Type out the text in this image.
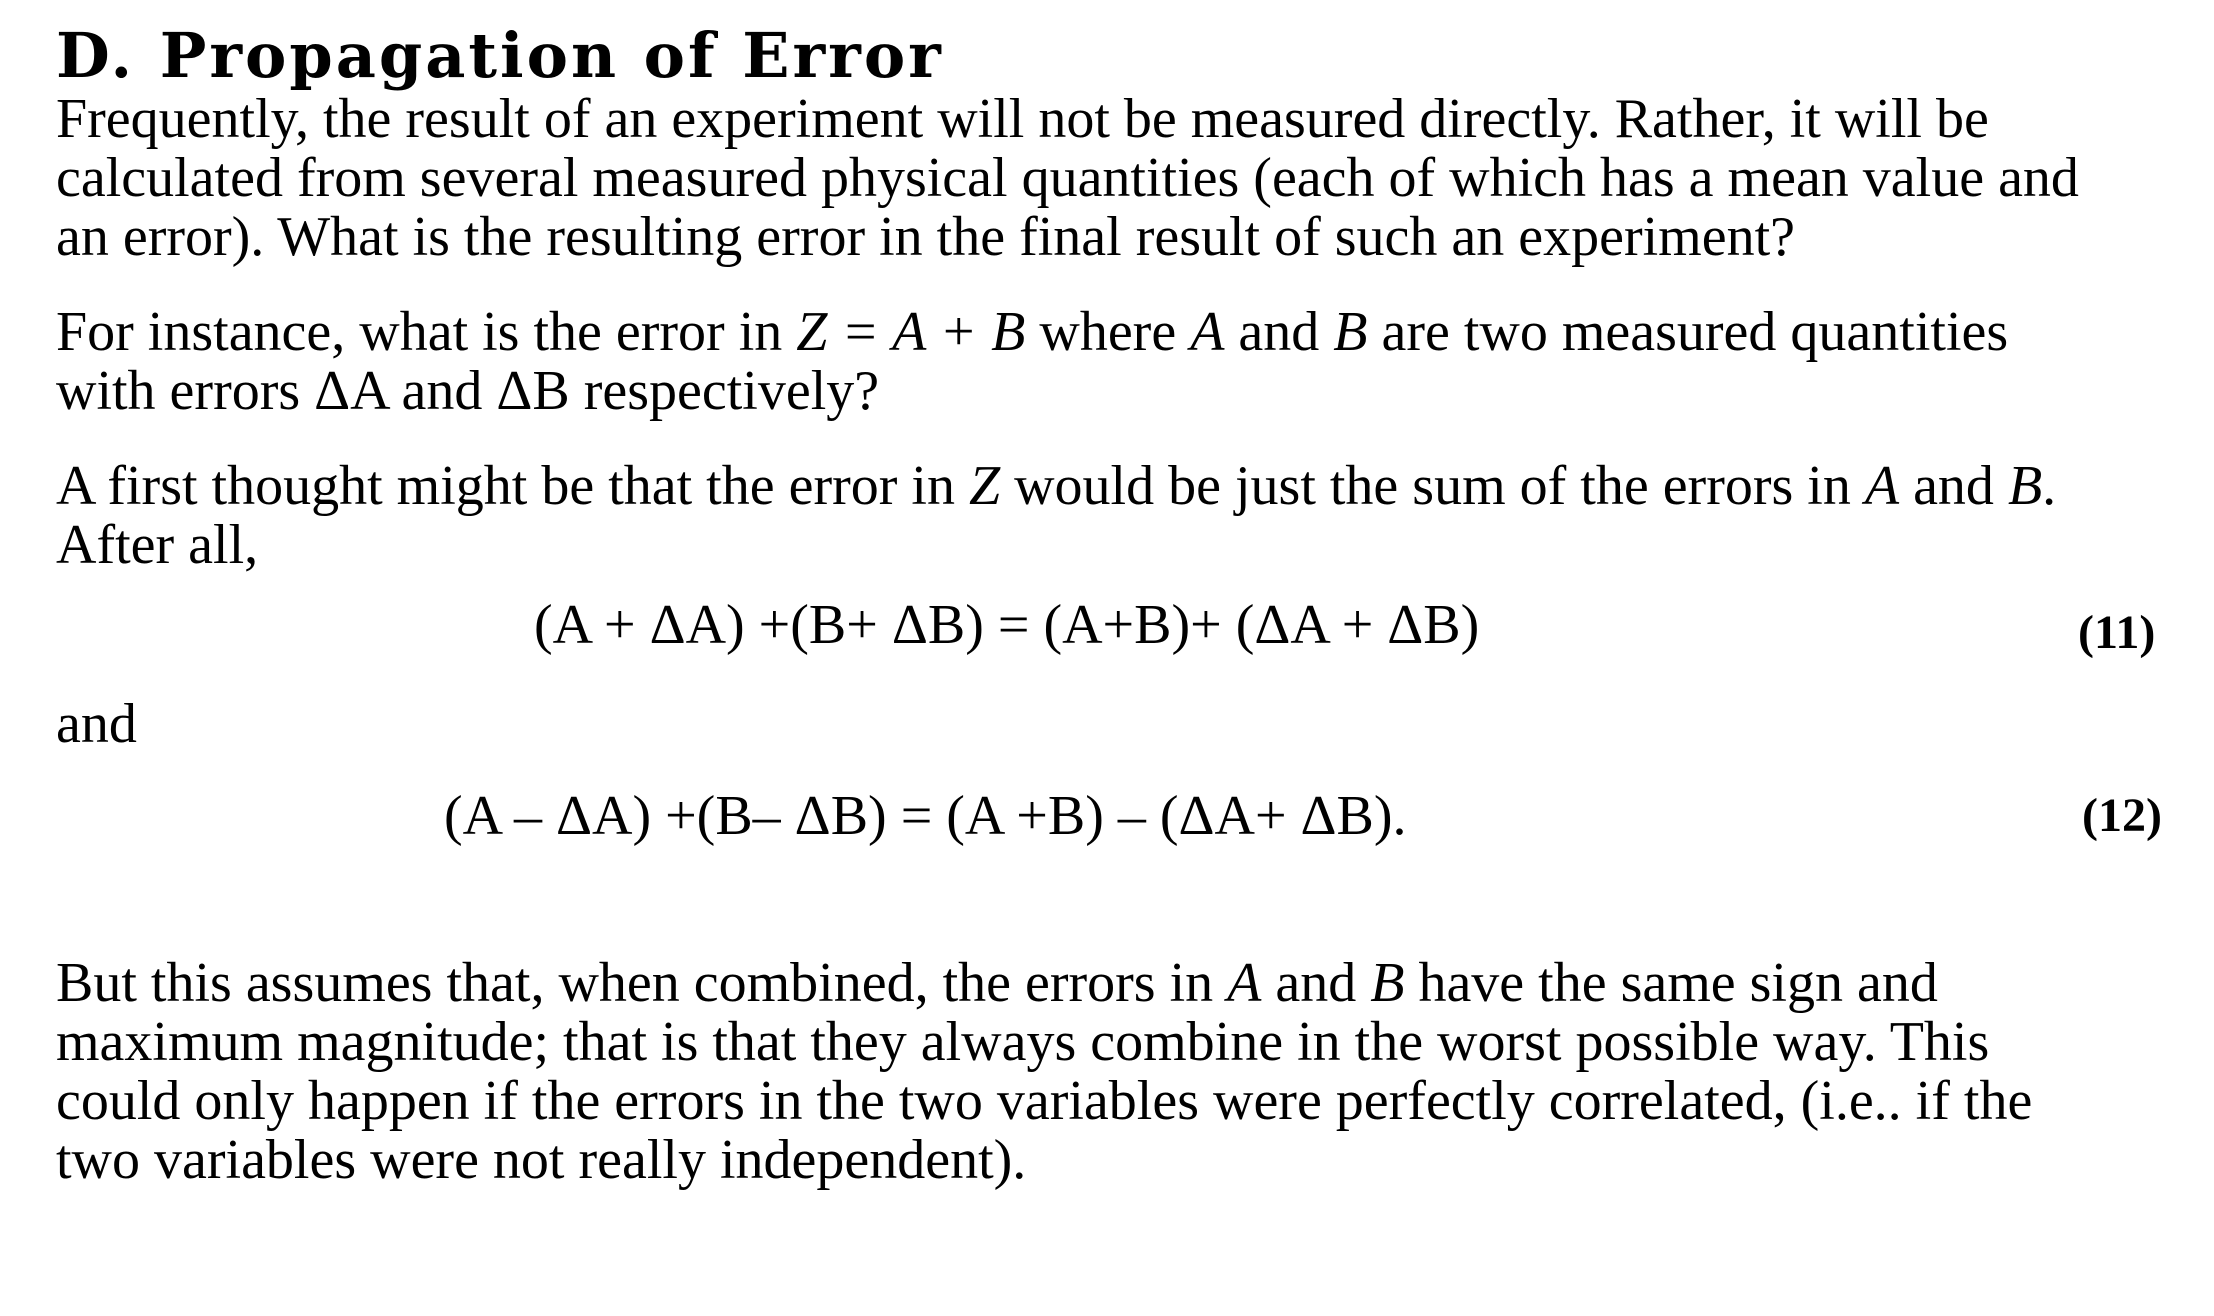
D. Propagation of Error

Frequently, the result of an experiment will not be measured directly. Rather, it will be
calculated from several measured physical quantities (each of which has a mean value and
an error). What is the resulting error in the final result of such an experiment?

For instance, what is the error in Z = A + B where A and B are two measured quantities
with errors ΔA and ΔB respectively?

A first thought might be that the error in Z would be just the sum of the errors in A and B.
After all,

(A + ΔA) +(B+ ΔB) = (A+B)+ (ΔA + ΔB)	(11)

and

(A – ΔA) +(B– ΔB) = (A +B) – (ΔA+ ΔB).	(12)

But this assumes that, when combined, the errors in A and B have the same sign and
maximum magnitude; that is that they always combine in the worst possible way. This
could only happen if the errors in the two variables were perfectly correlated, (i.e.. if the
two variables were not really independent).
